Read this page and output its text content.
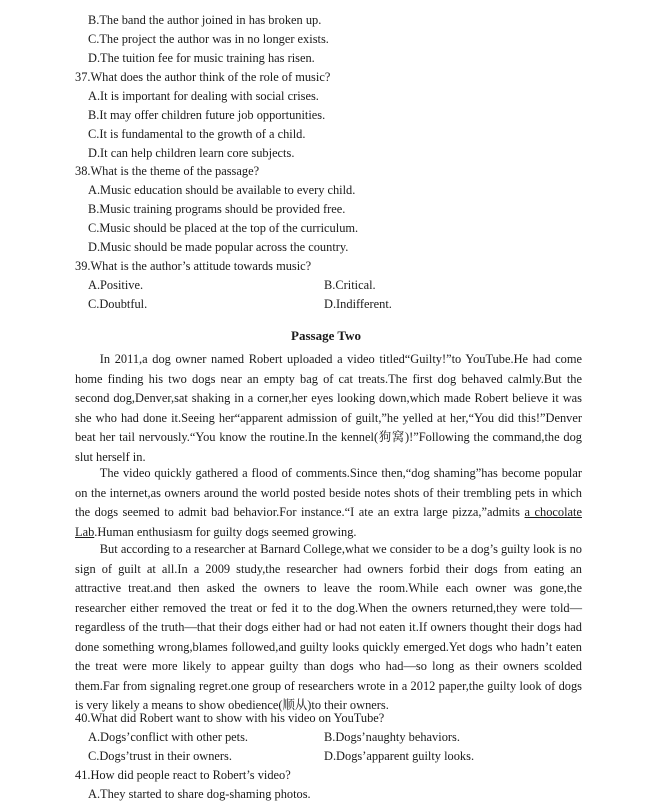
B.The band the author joined in has broken up.
C.The project the author was in no longer exists.
D.The tuition fee for music training has risen.
37.What does the author think of the role of music?
A.It is important for dealing with social crises.
B.It may offer children future job opportunities.
C.It is fundamental to the growth of a child.
D.It can help children learn core subjects.
38.What is the theme of the passage?
A.Music education should be available to every child.
B.Music training programs should be provided free.
C.Music should be placed at the top of the curriculum.
D.Music should be made popular across the country.
39.What is the author’s attitude towards music?
A.Positive.	B.Critical.
C.Doubtful.	D.Indifferent.
Passage Two
In 2011,a dog owner named Robert uploaded a video titled“Guilty!”to YouTube.He had come home finding his two dogs near an empty bag of cat treats.The first dog behaved calmly.But the second dog,Denver,sat shaking in a corner,her eyes looking down,which made Robert believe it was she who had done it.Seeing her“apparent admission of guilt,”he yelled at her,“You did this!”Denver beat her tail nervously.“You know the routine.In the kennel(狗窝)!”Following the command,the dog slut herself in.
The video quickly gathered a flood of comments.Since then,“dog shaming”has become popular on the internet,as owners around the world posted beside notes shots of their trembling pets in which the dogs seemed to admit bad behavior.For instance.“I ate an extra large pizza,”admits a chocolate Lab.Human enthusiasm for guilty dogs seemed growing.
But according to a researcher at Barnard College,what we consider to be a dog’s guilty look is no sign of guilt at all.In a 2009 study,the researcher had owners forbid their dogs from eating an attractive treat.and then asked the owners to leave the room.While each owner was gone,the researcher either removed the treat or fed it to the dog.When the owners returned,they were told—regardless of the truth—that their dogs either had or had not eaten it.If owners thought their dogs had done something wrong,blames followed,and guilty looks quickly emerged.Yet dogs who hadn’t eaten the treat were more likely to appear guilty than dogs who had—so long as their owners scolded them.Far from signaling regret.one group of researchers wrote in a 2012 paper,the guilty look of dogs is very likely a means to show obedience(顺从)to their owners.
40.What did Robert want to show with his video on YouTube?
A.Dogs’conflict with other pets.	B.Dogs’naughty behaviors.
C.Dogs’trust in their owners.	D.Dogs’apparent guilty looks.
41.How did people react to Robert’s video?
A.They started to share dog-shaming photos.
